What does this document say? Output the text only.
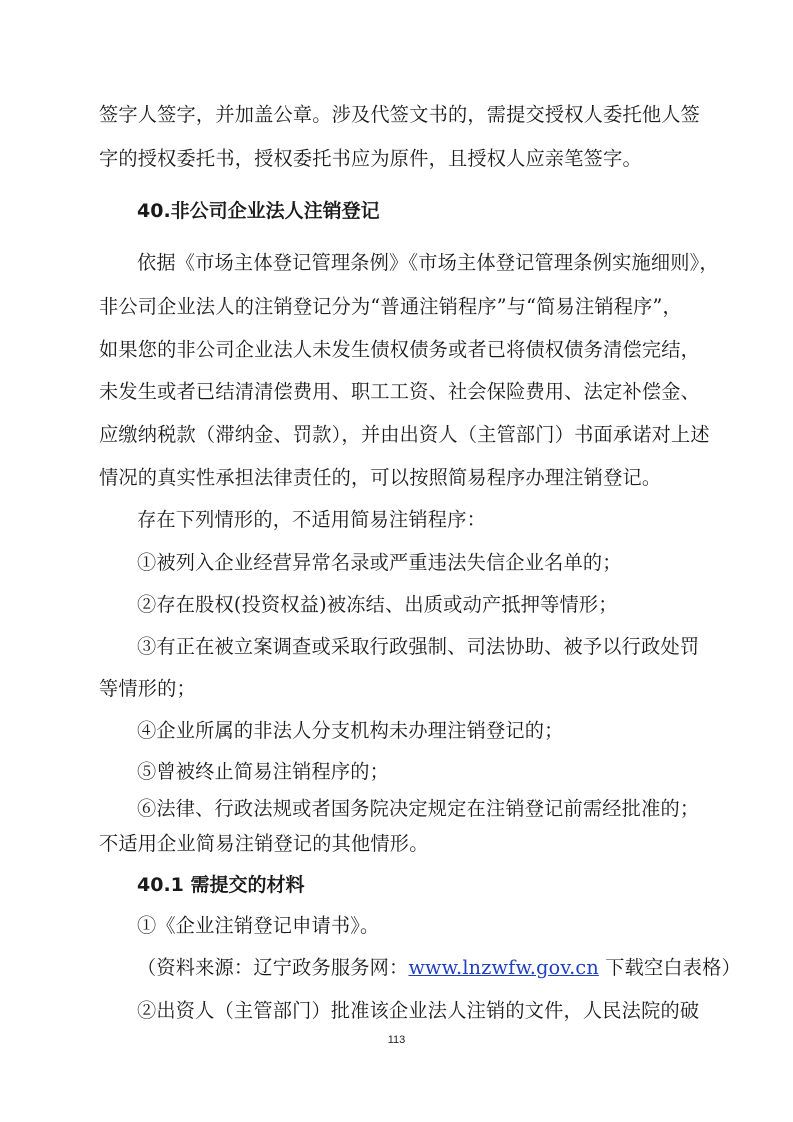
签字人签字，并加盖公章。涉及代签文书的，需提交授权人委托他人签
字的授权委托书，授权委托书应为原件，且授权人应亲笔签字。
40.非公司企业法人注销登记
依据《市场主体登记管理条例》《市场主体登记管理条例实施细则》，
非公司企业法人的注销登记分为“普通注销程序”与“简易注销程序”，
如果您的非公司企业法人未发生债权债务或者已将债权债务清偿完结，
未发生或者已结清清偿费用、职工工资、社会保险费用、法定补偿金、
应缴纳税款（滞纳金、罚款），并由出资人（主管部门）书面承诺对上述
情况的真实性承担法律责任的，可以按照简易程序办理注销登记。
存在下列情形的，不适用简易注销程序：
①被列入企业经营异常名录或严重违法失信企业名单的；
②存在股权(投资权益)被冻结、出质或动产抵押等情形；
③有正在被立案调查或采取行政强制、司法协助、被予以行政处罚
等情形的；
④企业所属的非法人分支机构未办理注销登记的；
⑤曾被终止简易注销程序的；
⑥法律、行政法规或者国务院决定规定在注销登记前需经批准的；
不适用企业简易注销登记的其他情形。
40.1 需提交的材料
①《企业注销登记申请书》。
（资料来源：辽宁政务服务网：www.lnzwfw.gov.cn 下载空白表格）
②出资人（主管部门）批准该企业法人注销的文件，人民法院的破
113
